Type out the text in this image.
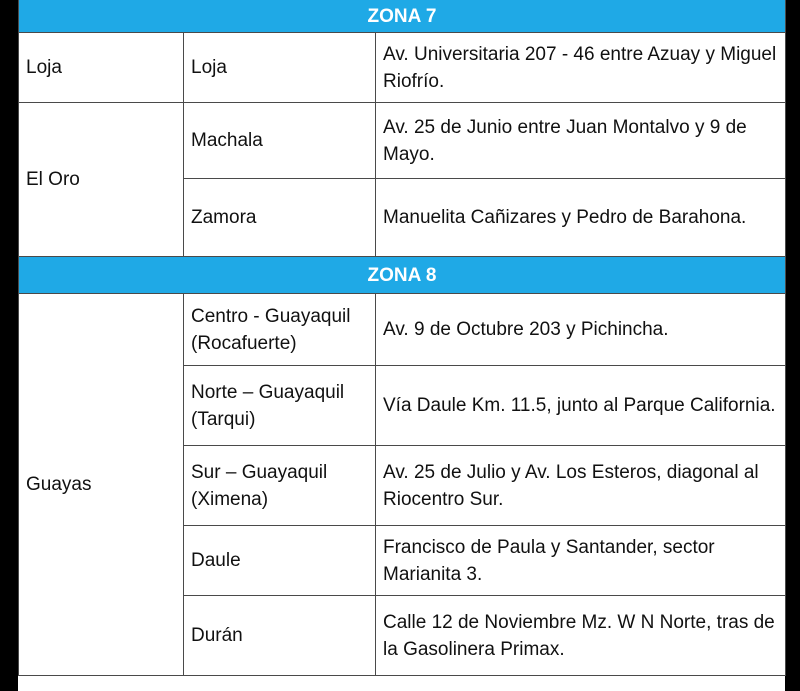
ZONA 7		
Loja	Loja	Av. Universitaria 207 - 46 entre Azuay y Miguel Riofrío.
El Oro	Machala	Av. 25 de Junio entre Juan Montalvo y 9 de Mayo.
	Zamora	Manuelita Cañizares y Pedro de Barahona.
ZONA 8		
Guayas	Centro - Guayaquil (Rocafuerte)	Av. 9 de Octubre 203 y Pichincha.
	Norte – Guayaquil (Tarqui)	Vía Daule Km. 11.5, junto al Parque California.
	Sur – Guayaquil (Ximena)	Av. 25 de Julio y Av. Los Esteros, diagonal al Riocentro Sur.
	Daule	Francisco de Paula y Santander, sector Marianita 3.
	Durán	Calle 12 de Noviembre Mz. W N Norte, tras de la Gasolinera Primax.
